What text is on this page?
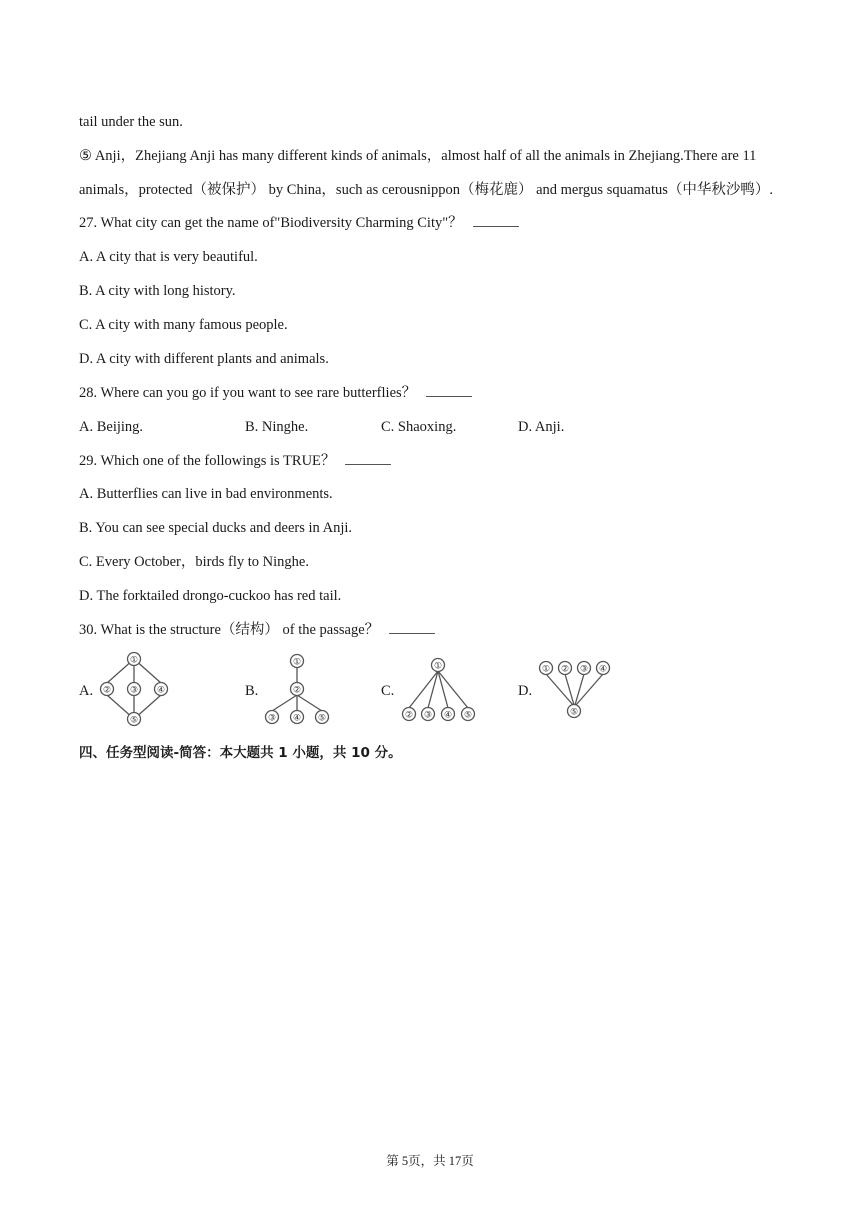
tail under the sun.
⑤ Anji，Zhejiang Anji has many different kinds of animals，almost half of all the animals in Zhejiang.There are 11
animals，protected（被保护） by China，such as cerousnippon（梅花鹿） and mergus squamatus（中华秋沙鸭）.
27. What city can get the name of"Biodiversity Charming City"？
A. A city that is very beautiful.
B. A city with long history.
C. A city with many famous people.
D. A city with different plants and animals.
28. Where can you go if you want to see rare butterflies？
A. Beijing.	B. Ninghe.	C. Shaoxing.	D. Anji.
29. Which one of the followings is TRUE？
A. Butterflies can live in bad environments.
B. You can see special ducks and deers in Anji.
C. Every October，birds fly to Ninghe.
D. The forktailed drongo-cuckoo has red tail.
30. What is the structure（结构） of the passage？
A.	B.	C.	D.
①
② ③ ④
⑤
①
②
③ ④ ⑤
①
② ③ ④ ⑤
① ② ③ ④
⑤
四、任务型阅读-简答：本大题共 1 小题，共 10 分。
第 5页，共 17页
